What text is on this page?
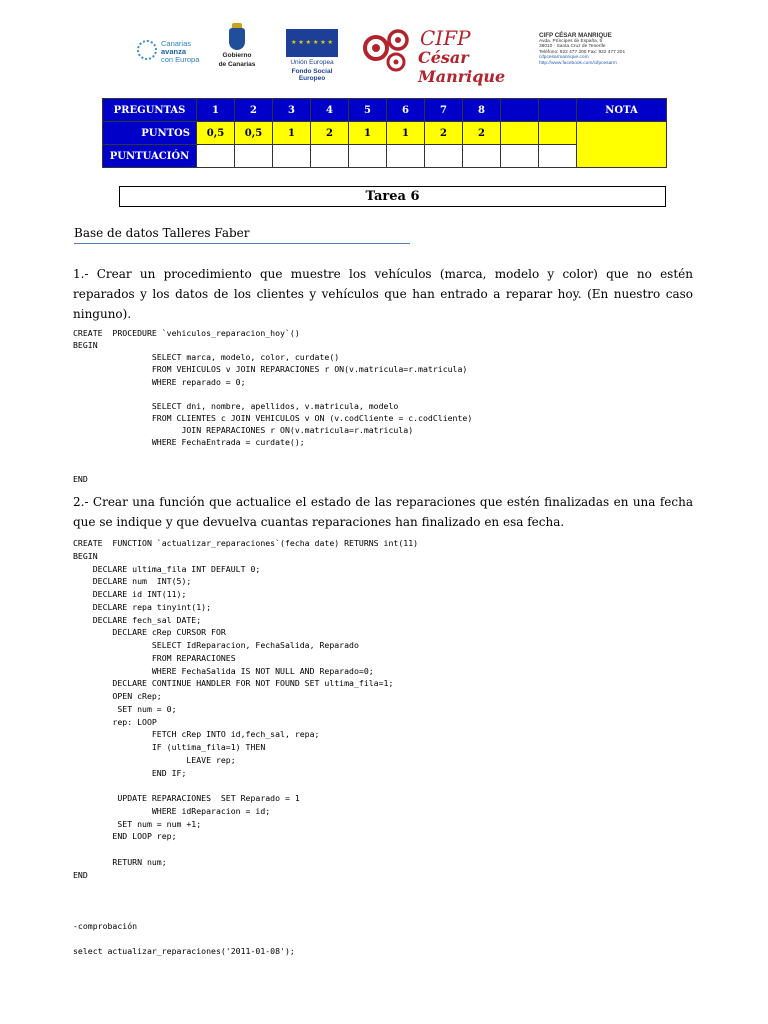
Canarias
avanza
con Europa	Gobierno
de Canarias
★ ★ ★ ★ ★ ★
Unión Europea
Fondo Social Europeo
CIFP
César Manrique
CIFP CÉSAR MANRIQUE
Avda. Príncipes de España, 5
38010 · Santa Cruz de Tenerife
Teléfono: 922 477 200 Fax: 922 477 201
cifpcesarmanrique.com
http://www.facebook.com/cifpcesarm
PREGUNTAS	1	2	3	4	5	6	7	8			NOTA
PUNTOS	0,5	0,5	1	2	1	1	2	2			
PUNTUACIÓN											
Tarea 6
Base de datos Talleres Faber
1.- Crear un procedimiento que muestre los vehículos (marca, modelo y color) que no estén reparados y los datos de los clientes y vehículos que han entrado a reparar hoy. (En nuestro caso ninguno).
CREATE  PROCEDURE `vehiculos_reparacion_hoy`()
BEGIN
SELECT marca, modelo, color, curdate()
FROM VEHICULOS v JOIN REPARACIONES r ON(v.matricula=r.matricula)
WHERE reparado = 0;
SELECT dni, nombre, apellidos, v.matricula, modelo
FROM CLIENTES c JOIN VEHICULOS v ON (v.codCliente = c.codCliente)
JOIN REPARACIONES r ON(v.matricula=r.matricula)
WHERE FechaEntrada = curdate();
END
2.- Crear una función que actualice el estado de las reparaciones que estén finalizadas en una fecha que se indique y que devuelva cuantas reparaciones han finalizado en esa fecha.
CREATE  FUNCTION `actualizar_reparaciones`(fecha date) RETURNS int(11)
BEGIN
DECLARE ultima_fila INT DEFAULT 0;
DECLARE num  INT(5);
DECLARE id INT(11);
DECLARE repa tinyint(1);
DECLARE fech_sal DATE;
DECLARE cRep CURSOR FOR
SELECT IdReparacion, FechaSalida, Reparado
FROM REPARACIONES
WHERE FechaSalida IS NOT NULL AND Reparado=0;
DECLARE CONTINUE HANDLER FOR NOT FOUND SET ultima_fila=1;
OPEN cRep;
SET num = 0;
rep: LOOP
FETCH cRep INTO id,fech_sal, repa;
IF (ultima_fila=1) THEN
LEAVE rep;
END IF;
UPDATE REPARACIONES  SET Reparado = 1
WHERE idReparacion = id;
SET num = num +1;
END LOOP rep;
RETURN num;
END
-comprobación
select actualizar_reparaciones('2011-01-08');
